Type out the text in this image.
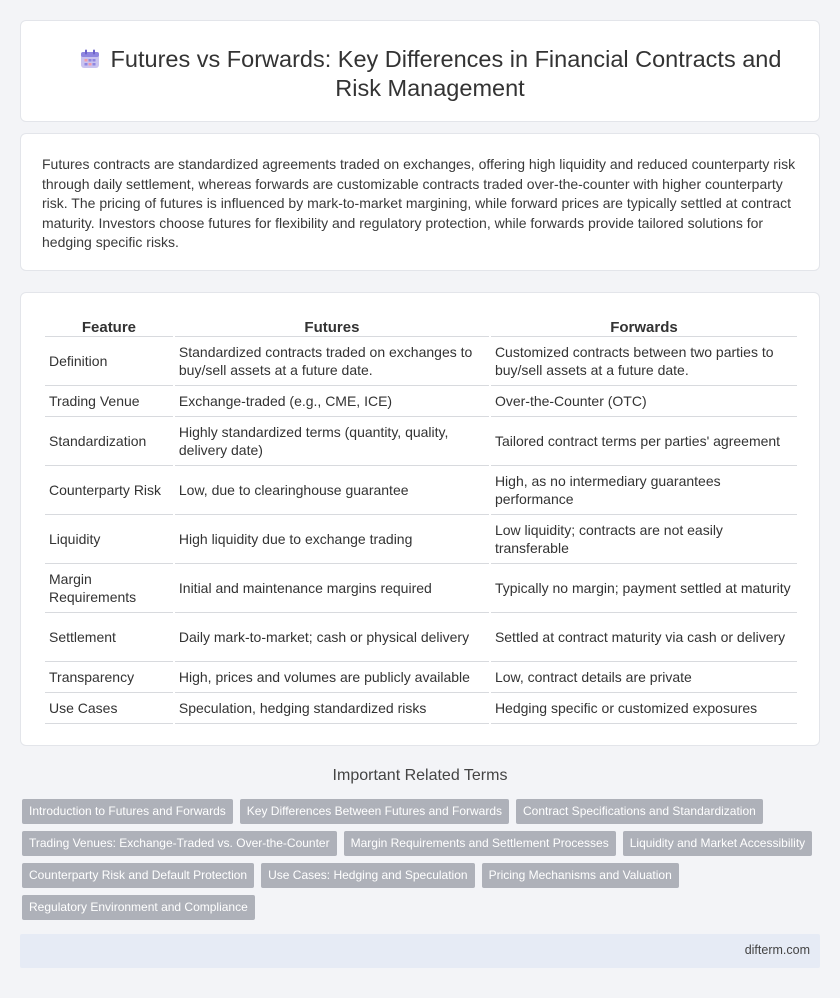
Futures vs Forwards: Key Differences in Financial Contracts and Risk Management

Futures contracts are standardized agreements traded on exchanges, offering high liquidity and reduced counterparty risk through daily settlement, whereas forwards are customizable contracts traded over-the-counter with higher counterparty risk. The pricing of futures is influenced by mark-to-market margining, while forward prices are typically settled at contract maturity. Investors choose futures for flexibility and regulatory protection, while forwards provide tailored solutions for hedging specific risks.

Feature	Futures	Forwards
Definition	Standardized contracts traded on exchanges to buy/sell assets at a future date.	Customized contracts between two parties to buy/sell assets at a future date.
Trading Venue	Exchange-traded (e.g., CME, ICE)	Over-the-Counter (OTC)
Standardization	Highly standardized terms (quantity, quality, delivery date)	Tailored contract terms per parties' agreement
Counterparty Risk	Low, due to clearinghouse guarantee	High, as no intermediary guarantees performance
Liquidity	High liquidity due to exchange trading	Low liquidity; contracts are not easily transferable
Margin Requirements	Initial and maintenance margins required	Typically no margin; payment settled at maturity
Settlement	Daily mark-to-market; cash or physical delivery	Settled at contract maturity via cash or delivery
Transparency	High, prices and volumes are publicly available	Low, contract details are private
Use Cases	Speculation, hedging standardized risks	Hedging specific or customized exposures
Important Related Terms
Introduction to Futures and Forwards	Key Differences Between Futures and Forwards	Contract Specifications and Standardization
Trading Venues: Exchange-Traded vs. Over-the-Counter	Margin Requirements and Settlement Processes	Liquidity and Market Accessibility
Counterparty Risk and Default Protection	Use Cases: Hedging and Speculation	Pricing Mechanisms and Valuation
Regulatory Environment and Compliance
difterm.com
